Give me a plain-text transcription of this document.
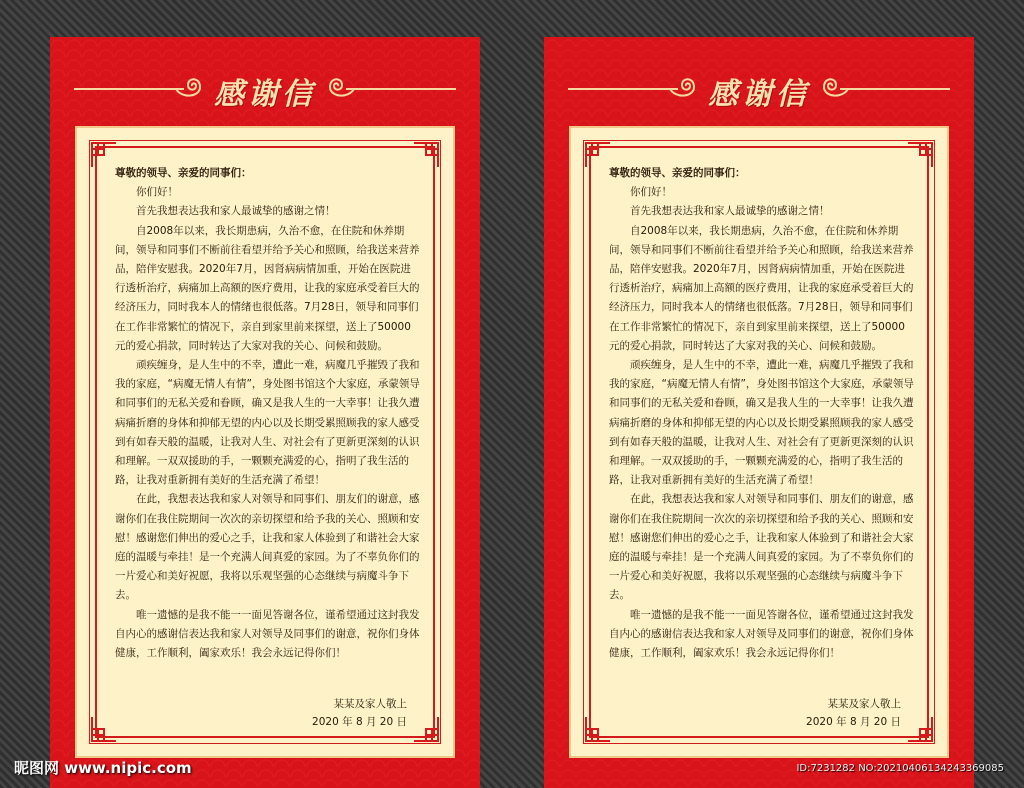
感谢信

尊敬的领导、亲爱的同事们：

你们好！

首先我想表达我和家人最诚挚的感谢之情！

自2008年以来，我长期患病，久治不愈，在住院和休养期间，领导和同事们不断前往看望并给予关心和照顾，给我送来营养品，陪伴安慰我。2020年7月，因肾病病情加重，开始在医院进行透析治疗，病痛加上高额的医疗费用，让我的家庭承受着巨大的经济压力，同时我本人的情绪也很低落。7月28日，领导和同事们在工作非常繁忙的情况下，亲自到家里前来探望，送上了50000元的爱心捐款，同时转达了大家对我的关心、问候和鼓励。

顽疾缠身，是人生中的不幸，遭此一难，病魔几乎摧毁了我和我的家庭，“病魔无情人有情”，身处图书馆这个大家庭，承蒙领导和同事们的无私关爱和眷顾，确又是我人生的一大幸事！让我久遭病痛折磨的身体和抑郁无望的内心以及长期受累照顾我的家人感受到有如春天般的温暖，让我对人生、对社会有了更新更深刻的认识和理解。一双双援助的手，一颗颗充满爱的心，指明了我生活的路，让我对重新拥有美好的生活充满了希望！

在此，我想表达我和家人对领导和同事们、朋友们的谢意，感谢你们在我住院期间一次次的亲切探望和给予我的关心、照顾和安慰！感谢您们伸出的爱心之手，让我和家人体验到了和谐社会大家庭的温暖与牵挂！是一个充满人间真爱的家园。为了不辜负你们的一片爱心和美好祝愿，我将以乐观坚强的心态继续与病魔斗争下去。

唯一遗憾的是我不能一一面见答谢各位，谨希望通过这封我发自内心的感谢信表达我和家人对领导及同事们的谢意，祝你们身体健康，工作顺利，阖家欢乐！我会永远记得你们！

某某及家人敬上
2020 年 8 月 20 日
感谢信

尊敬的领导、亲爱的同事们：

你们好！

首先我想表达我和家人最诚挚的感谢之情！

自2008年以来，我长期患病，久治不愈，在住院和休养期间，领导和同事们不断前往看望并给予关心和照顾，给我送来营养品，陪伴安慰我。2020年7月，因肾病病情加重，开始在医院进行透析治疗，病痛加上高额的医疗费用，让我的家庭承受着巨大的经济压力，同时我本人的情绪也很低落。7月28日，领导和同事们在工作非常繁忙的情况下，亲自到家里前来探望，送上了50000元的爱心捐款，同时转达了大家对我的关心、问候和鼓励。

顽疾缠身，是人生中的不幸，遭此一难，病魔几乎摧毁了我和我的家庭，“病魔无情人有情”，身处图书馆这个大家庭，承蒙领导和同事们的无私关爱和眷顾，确又是我人生的一大幸事！让我久遭病痛折磨的身体和抑郁无望的内心以及长期受累照顾我的家人感受到有如春天般的温暖，让我对人生、对社会有了更新更深刻的认识和理解。一双双援助的手，一颗颗充满爱的心，指明了我生活的路，让我对重新拥有美好的生活充满了希望！

在此，我想表达我和家人对领导和同事们、朋友们的谢意，感谢你们在我住院期间一次次的亲切探望和给予我的关心、照顾和安慰！感谢您们伸出的爱心之手，让我和家人体验到了和谐社会大家庭的温暖与牵挂！是一个充满人间真爱的家园。为了不辜负你们的一片爱心和美好祝愿，我将以乐观坚强的心态继续与病魔斗争下去。

唯一遗憾的是我不能一一面见答谢各位，谨希望通过这封我发自内心的感谢信表达我和家人对领导及同事们的谢意，祝你们身体健康，工作顺利，阖家欢乐！我会永远记得你们！

某某及家人敬上
2020 年 8 月 20 日
昵图网 www.nipic.com	ID:7231282 NO:20210406134243369085
